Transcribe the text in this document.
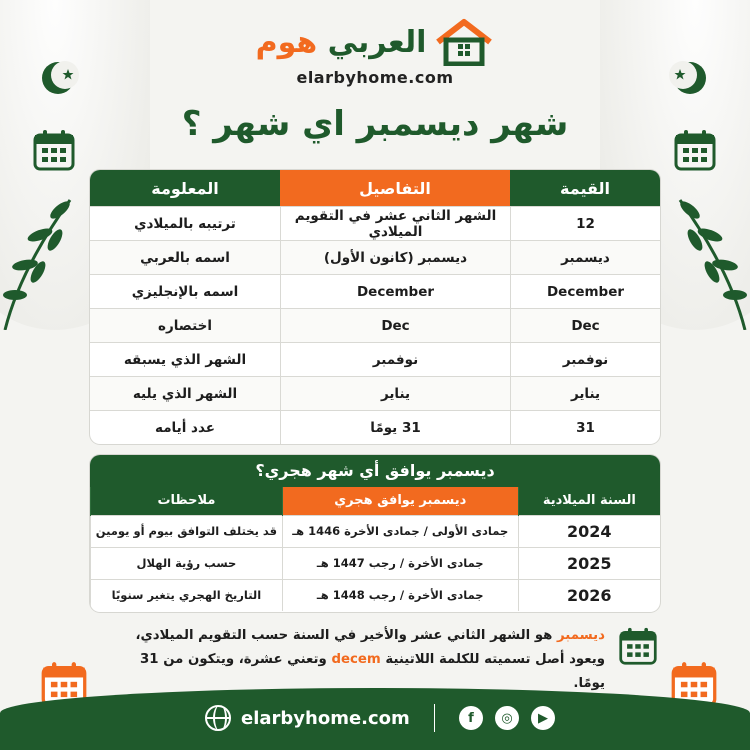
العربي هوم
elarbyhome.com
شهر ديسمبر اي شهر ؟
القيمة	التفاصيل	المعلومة
12	الشهر الثاني عشر في التقويم الميلادي	ترتيبه بالميلادي
ديسمبر	ديسمبر (كانون الأول)	اسمه بالعربي
December	December	اسمه بالإنجليزي
Dec	Dec	اختصاره
نوفمبر	نوفمبر	الشهر الذي يسبقه
يناير	يناير	الشهر الذي يليه
31	31 يومًا	عدد أيامه
ديسمبر يوافق أي شهر هجري؟
السنة الميلادية	ديسمبر يوافق هجري	ملاحظات
2024	جمادى الأولى / جمادى الأخرة 1446 هـ	قد يختلف التوافق بيوم أو يومين
2025	جمادى الأخرة / رجب 1447 هـ	حسب رؤية الهلال
2026	جمادى الأخرة / رجب 1448 هـ	التاريخ الهجري يتغير سنويًا
ديسمبر هو الشهر الثاني عشر والأخير في السنة حسب التقويم الميلادي،
ويعود أصل تسميته للكلمة اللاتينية decem وتعني عشرة، ويتكون من 31 يومًا.
elarbyhome.com	f	◎	▶
